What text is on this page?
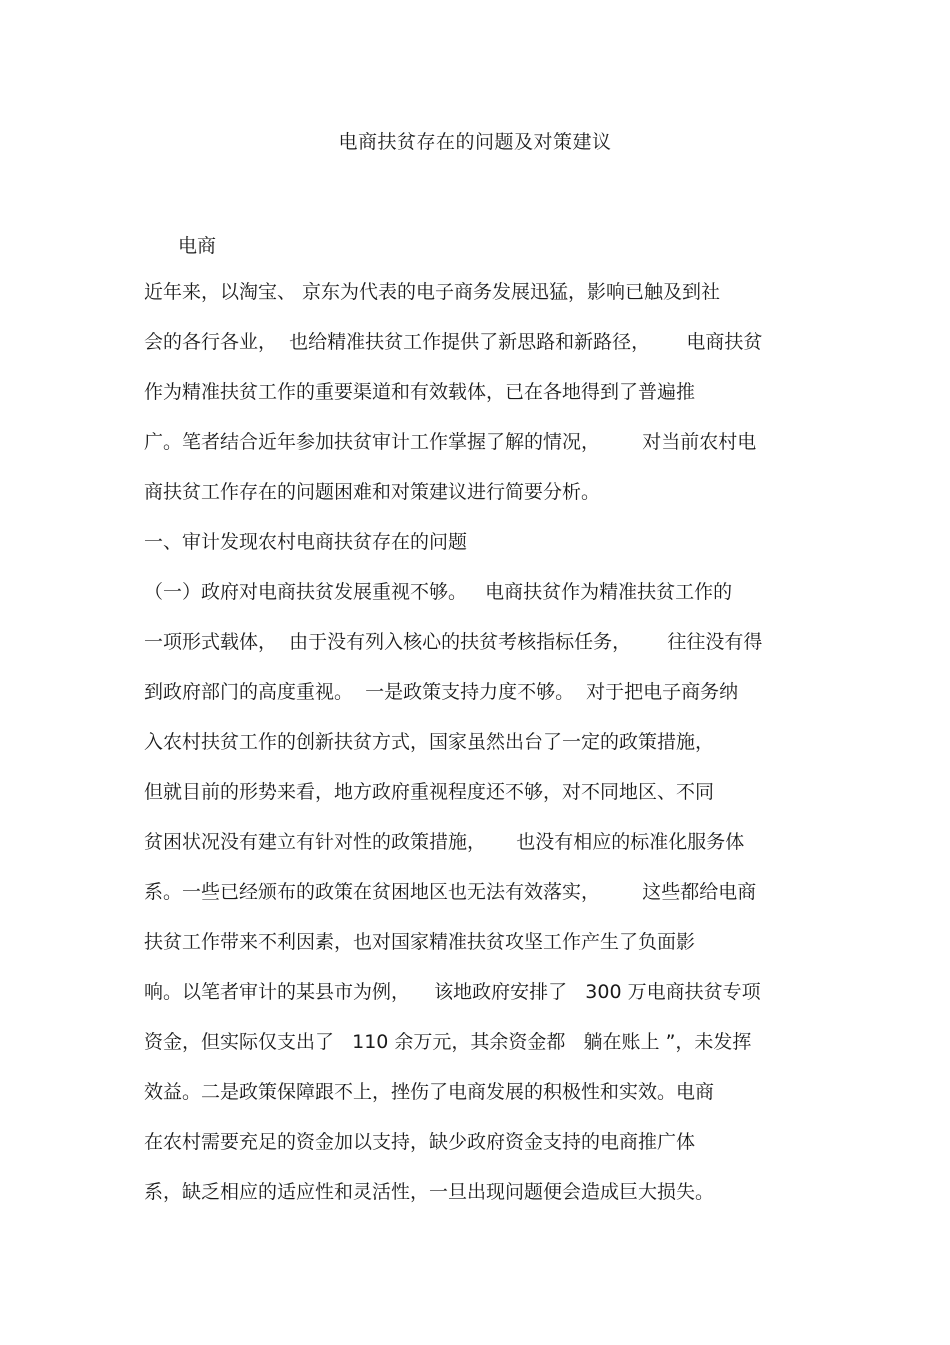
电商扶贫存在的问题及对策建议
电商
近年来，以淘宝、 京东为代表的电子商务发展迅猛，影响已触及到社
会的各行各业，  也给精准扶贫工作提供了新思路和新路径，      电商扶贫
作为精准扶贫工作的重要渠道和有效载体，已在各地得到了普遍推
广。笔者结合近年参加扶贫审计工作掌握了解的情况，       对当前农村电
商扶贫工作存在的问题困难和对策建议进行简要分析。
一、审计发现农村电商扶贫存在的问题
（一）政府对电商扶贫发展重视不够。   电商扶贫作为精准扶贫工作的
一项形式载体，  由于没有列入核心的扶贫考核指标任务，      往往没有得
到政府部门的高度重视。  一是政策支持力度不够。  对于把电子商务纳
入农村扶贫工作的创新扶贫方式，国家虽然出台了一定的政策措施，
但就目前的形势来看，地方政府重视程度还不够，对不同地区、不同
贫困状况没有建立有针对性的政策措施，     也没有相应的标准化服务体
系。一些已经颁布的政策在贫困地区也无法有效落实，       这些都给电商
扶贫工作带来不利因素，也对国家精准扶贫攻坚工作产生了负面影
响。以笔者审计的某县市为例，    该地政府安排了   300 万电商扶贫专项
资金，但实际仅支出了   110 余万元，其余资金都   躺在账上 ”，未发挥
效益。二是政策保障跟不上，挫伤了电商发展的积极性和实效。电商
在农村需要充足的资金加以支持，缺少政府资金支持的电商推广体
系，缺乏相应的适应性和灵活性，一旦出现问题便会造成巨大损失。
